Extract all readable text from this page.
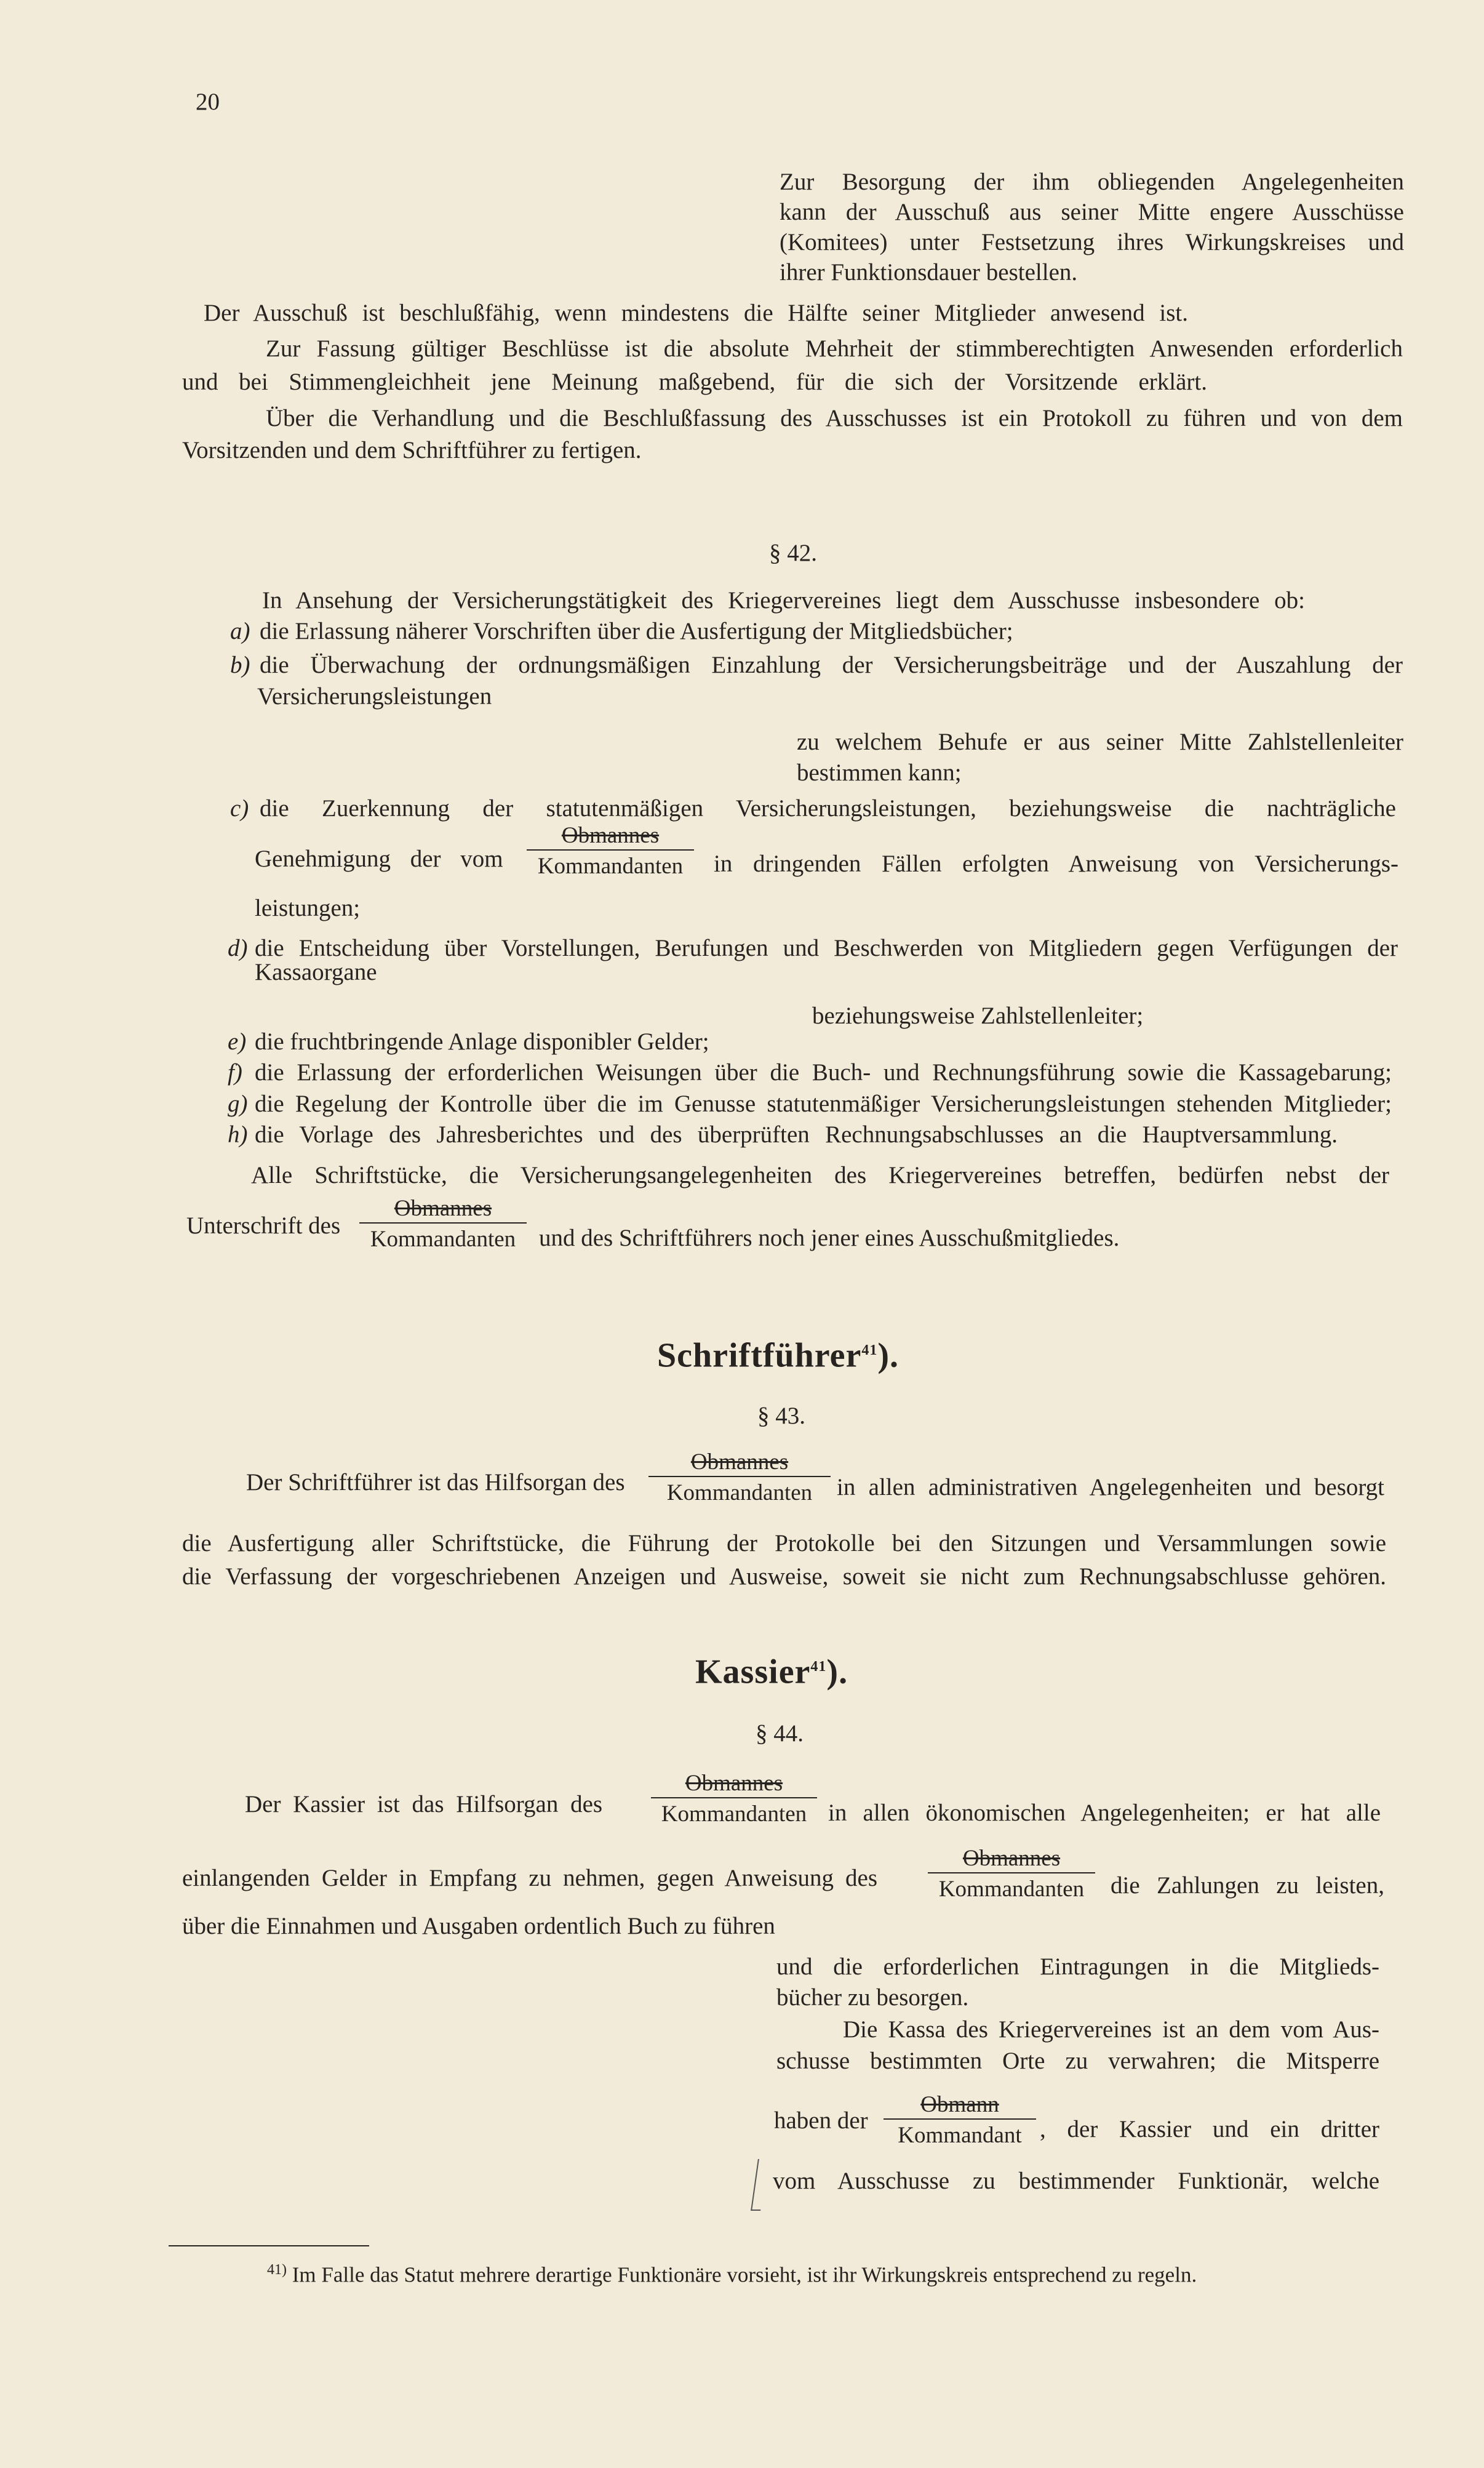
20
Zur Besorgung der ihm obliegenden Angelegenheiten
kann der Ausschuß aus seiner Mitte engere Ausschüsse
(Komitees) unter Festsetzung ihres Wirkungskreises und
ihrer Funktionsdauer bestellen.
Der Ausschuß ist beschlußfähig, wenn mindestens die Hälfte seiner Mitglieder anwesend ist.
Zur Fassung gültiger Beschlüsse ist die absolute Mehrheit der stimmberechtigten Anwesenden erforderlich
und bei Stimmengleichheit jene Meinung maßgebend, für die sich der Vorsitzende erklärt.
Über die Verhandlung und die Beschlußfassung des Ausschusses ist ein Protokoll zu führen und von dem
Vorsitzenden und dem Schriftführer zu fertigen.
§ 42.
In Ansehung der Versicherungstätigkeit des Kriegervereines liegt dem Ausschusse insbesondere ob:
a) die Erlassung näherer Vorschriften über die Ausfertigung der Mitgliedsbücher;
b) die Überwachung der ordnungsmäßigen Einzahlung der Versicherungsbeiträge und der Auszahlung der
Versicherungsleistungen
zu welchem Behufe er aus seiner Mitte Zahlstellenleiter
bestimmen kann;
c) die Zuerkennung der statutenmäßigen Versicherungsleistungen, beziehungsweise die nachträgliche
Genehmigung der vom
Obmannes
Kommandanten	in dringenden Fällen erfolgten Anweisung von Versicherungs-
leistungen;
d) die Entscheidung über Vorstellungen, Berufungen und Beschwerden von Mitgliedern gegen Verfügungen der
Kassaorgane
beziehungsweise Zahlstellenleiter;
e) die fruchtbringende Anlage disponibler Gelder;
f) die Erlassung der erforderlichen Weisungen über die Buch- und Rechnungsführung sowie die Kassagebarung;
g) die Regelung der Kontrolle über die im Genusse statutenmäßiger Versicherungsleistungen stehenden Mitglieder;
h) die Vorlage des Jahresberichtes und des überprüften Rechnungsabschlusses an die Hauptversammlung.
Alle Schriftstücke, die Versicherungsangelegenheiten des Kriegervereines betreffen, bedürfen nebst der
Unterschrift des
Obmannes
Kommandanten und des Schriftführers noch jener eines Ausschußmitgliedes.
Schriftführer$^{41}$).
§ 43.
Der Schriftführer ist das Hilfsorgan des
Obmannes
Kommandanten	in allen administrativen Angelegenheiten und besorgt
die Ausfertigung aller Schriftstücke, die Führung der Protokolle bei den Sitzungen und Versammlungen sowie
die Verfassung der vorgeschriebenen Anzeigen und Ausweise, soweit sie nicht zum Rechnungsabschlusse gehören.
Kassier$^{41}$).
§ 44.
Der Kassier ist das Hilfsorgan des
Obmannes
Kommandanten in allen ökonomischen Angelegenheiten; er hat alle
einlangenden Gelder in Empfang zu nehmen, gegen Anweisung des
Obmannes
Kommandanten	die Zahlungen zu leisten,
über die Einnahmen und Ausgaben ordentlich Buch zu führen
und die erforderlichen Eintragungen in die Mitglieds-
bücher zu besorgen.
Die Kassa des Kriegervereines ist an dem vom Aus-
schusse bestimmten Orte zu verwahren; die Mitsperre
haben der
Obmann
Kommandant , der Kassier und ein dritter
vom Ausschusse zu bestimmender Funktionär, welche
$^{41)}$ Im Falle das Statut mehrere derartige Funktionäre vorsieht, ist ihr Wirkungskreis entsprechend zu regeln.
